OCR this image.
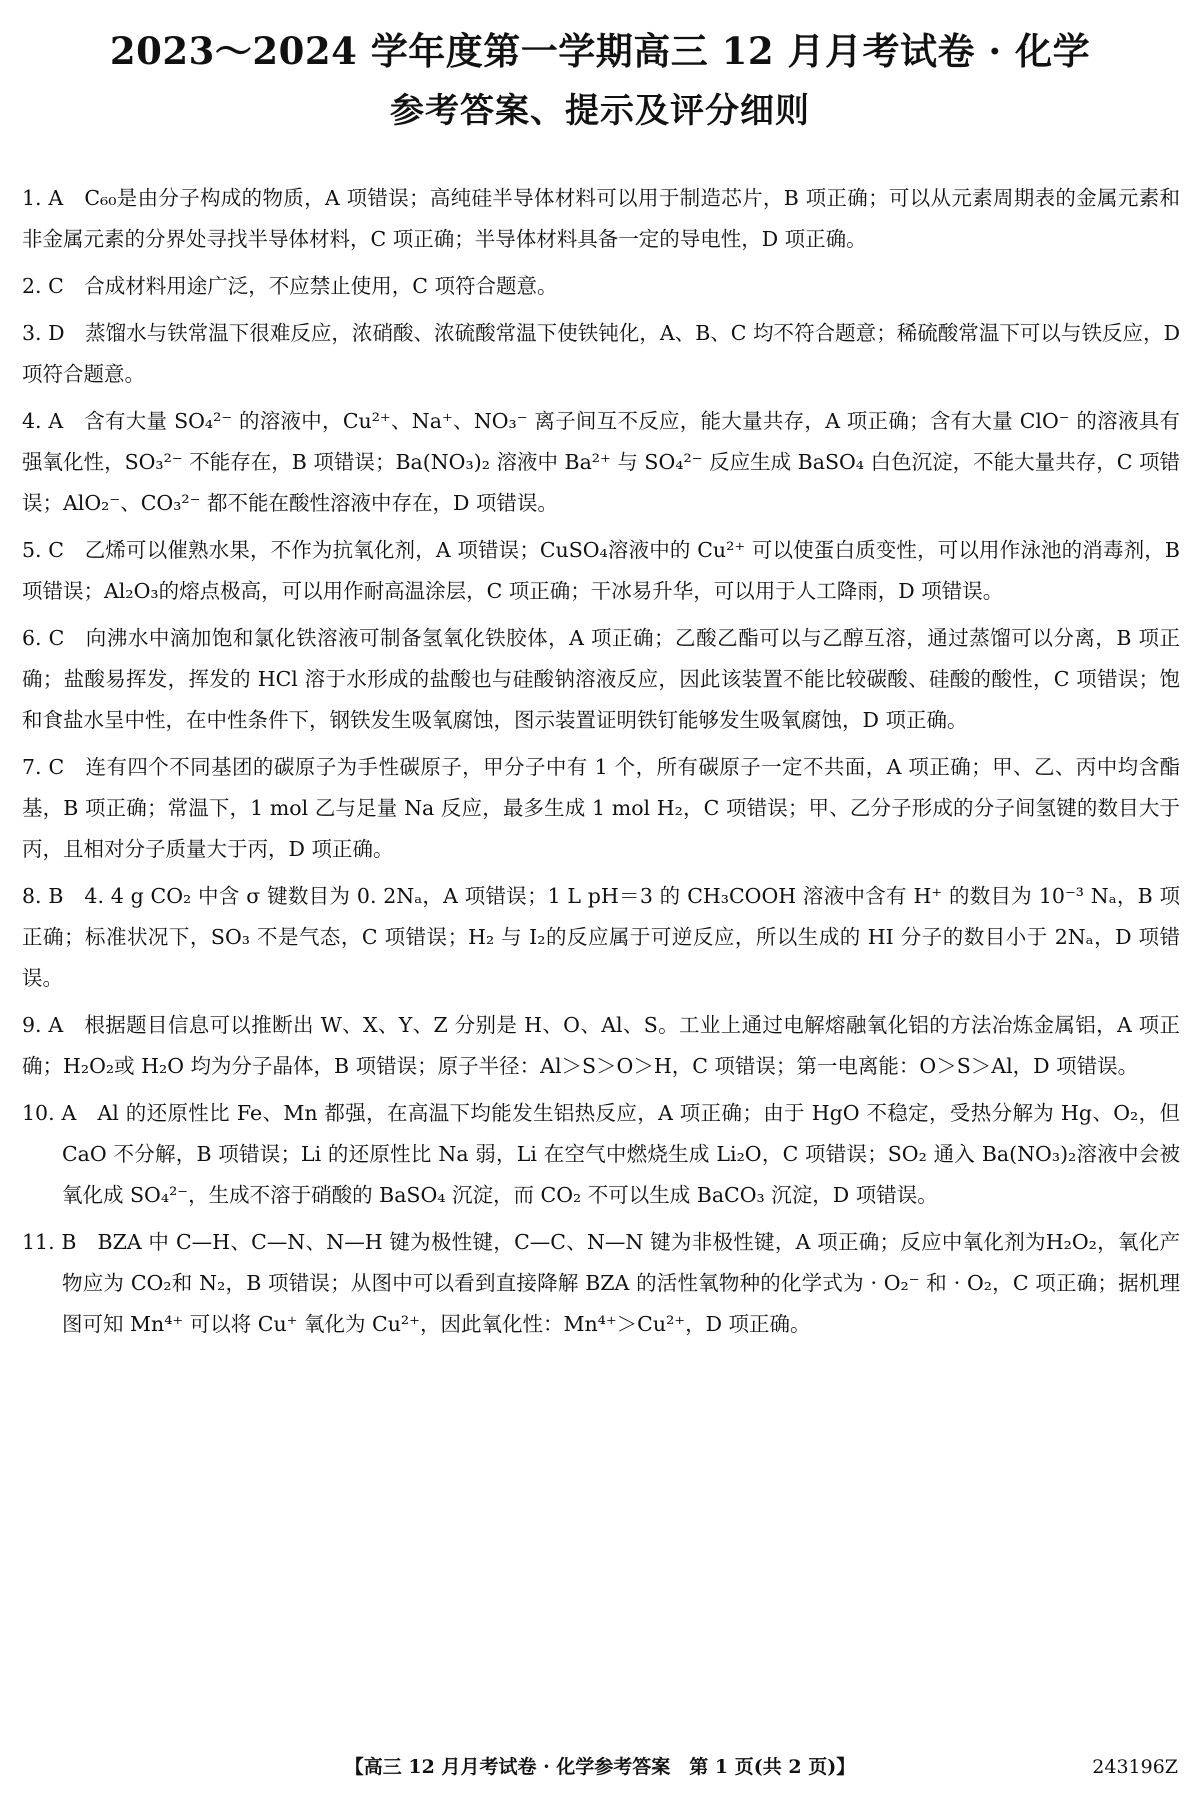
2023～2024 学年度第一学期高三 12 月月考试卷 · 化学
参考答案、提示及评分细则

1. A　C₆₀是由分子构成的物质，A 项错误；高纯硅半导体材料可以用于制造芯片，B 项正确；可以从元素周期表的金属元素和非金属元素的分界处寻找半导体材料，C 项正确；半导体材料具备一定的导电性，D 项正确。

2. C　合成材料用途广泛，不应禁止使用，C 项符合题意。

3. D　蒸馏水与铁常温下很难反应，浓硝酸、浓硫酸常温下使铁钝化，A、B、C 均不符合题意；稀硫酸常温下可以与铁反应，D 项符合题意。

4. A　含有大量 SO₄²⁻ 的溶液中，Cu²⁺、Na⁺、NO₃⁻ 离子间互不反应，能大量共存，A 项正确；含有大量 ClO⁻ 的溶液具有强氧化性，SO₃²⁻ 不能存在，B 项错误；Ba(NO₃)₂ 溶液中 Ba²⁺ 与 SO₄²⁻ 反应生成 BaSO₄ 白色沉淀，不能大量共存，C 项错误；AlO₂⁻、CO₃²⁻ 都不能在酸性溶液中存在，D 项错误。

5. C　乙烯可以催熟水果，不作为抗氧化剂，A 项错误；CuSO₄溶液中的 Cu²⁺ 可以使蛋白质变性，可以用作泳池的消毒剂，B 项错误；Al₂O₃的熔点极高，可以用作耐高温涂层，C 项正确；干冰易升华，可以用于人工降雨，D 项错误。

6. C　向沸水中滴加饱和氯化铁溶液可制备氢氧化铁胶体，A 项正确；乙酸乙酯可以与乙醇互溶，通过蒸馏可以分离，B 项正确；盐酸易挥发，挥发的 HCl 溶于水形成的盐酸也与硅酸钠溶液反应，因此该装置不能比较碳酸、硅酸的酸性，C 项错误；饱和食盐水呈中性，在中性条件下，钢铁发生吸氧腐蚀，图示装置证明铁钉能够发生吸氧腐蚀，D 项正确。

7. C　连有四个不同基团的碳原子为手性碳原子，甲分子中有 1 个，所有碳原子一定不共面，A 项正确；甲、乙、丙中均含酯基，B 项正确；常温下，1 mol 乙与足量 Na 反应，最多生成 1 mol H₂，C 项错误；甲、乙分子形成的分子间氢键的数目大于丙，且相对分子质量大于丙，D 项正确。

8. B　4. 4 g CO₂ 中含 σ 键数目为 0. 2Nₐ，A 项错误；1 L pH＝3 的 CH₃COOH 溶液中含有 H⁺ 的数目为 10⁻³ Nₐ，B 项正确；标准状况下，SO₃ 不是气态，C 项错误；H₂ 与 I₂的反应属于可逆反应，所以生成的 HI 分子的数目小于 2Nₐ，D 项错误。

9. A　根据题目信息可以推断出 W、X、Y、Z 分别是 H、O、Al、S。工业上通过电解熔融氧化铝的方法冶炼金属铝，A 项正确；H₂O₂或 H₂O 均为分子晶体，B 项错误；原子半径：Al＞S＞O＞H，C 项错误；第一电离能：O＞S＞Al，D 项错误。

10. A　Al 的还原性比 Fe、Mn 都强，在高温下均能发生铝热反应，A 项正确；由于 HgO 不稳定，受热分解为 Hg、O₂，但 CaO 不分解，B 项错误；Li 的还原性比 Na 弱，Li 在空气中燃烧生成 Li₂O，C 项错误；SO₂ 通入 Ba(NO₃)₂溶液中会被氧化成 SO₄²⁻，生成不溶于硝酸的 BaSO₄ 沉淀，而 CO₂ 不可以生成 BaCO₃ 沉淀，D 项错误。

11. B　BZA 中 C—H、C—N、N—H 键为极性键，C—C、N—N 键为非极性键，A 项正确；反应中氧化剂为H₂O₂，氧化产物应为 CO₂和 N₂，B 项错误；从图中可以看到直接降解 BZA 的活性氧物种的化学式为 · O₂⁻ 和 · O₂，C 项正确；据机理图可知 Mn⁴⁺ 可以将 Cu⁺ 氧化为 Cu²⁺，因此氧化性：Mn⁴⁺＞Cu²⁺，D 项正确。

【高三 12 月月考试卷 · 化学参考答案　第 1 页(共 2 页)】	243196Z
